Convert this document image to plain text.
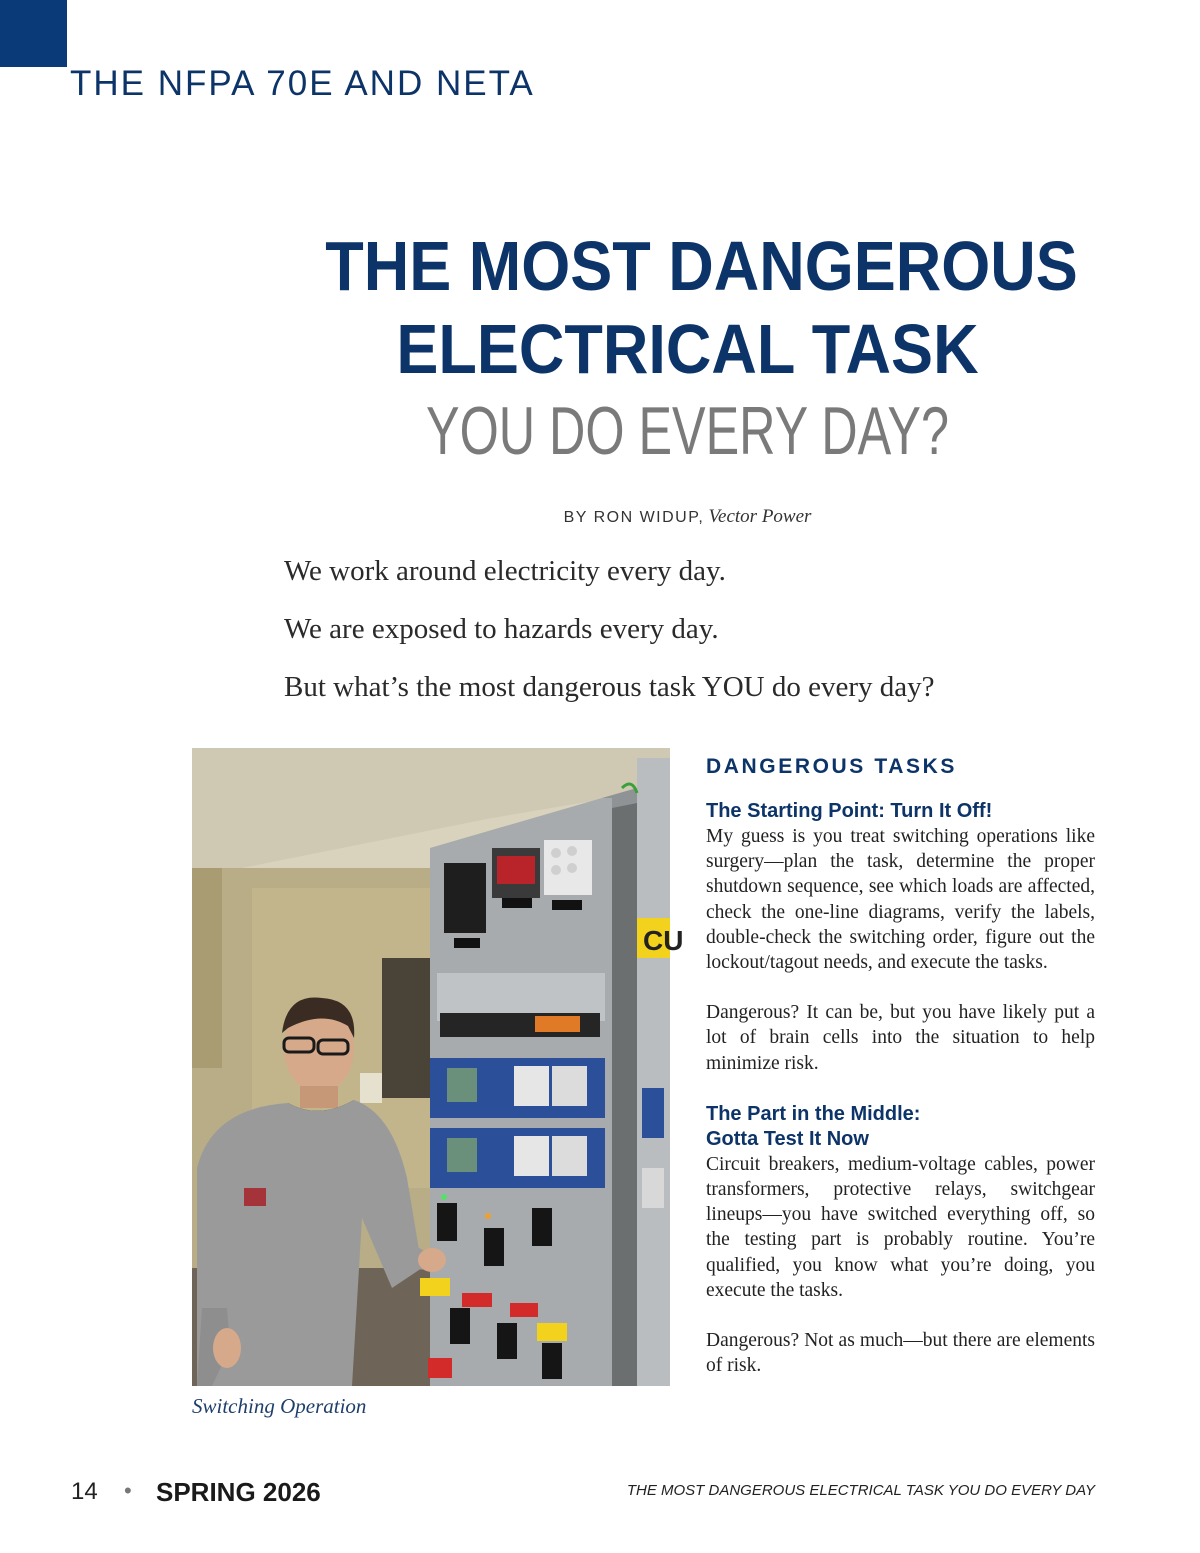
THE NFPA 70E AND NETA
THE MOST DANGEROUS
ELECTRICAL TASK
YOU DO EVERY DAY?
BY RON WIDUP, Vector Power

We work around electricity every day.

We are exposed to hazards every day.

But what’s the most dangerous task YOU do every day?

CU

Switching Operation

DANGEROUS TASKS
The Starting Point: Turn It Off!

My guess is you treat switching operations like surgery—plan the task, determine the proper shutdown sequence, see which loads are affected, check the one-line diagrams, verify the labels, double-check the switching order, figure out the lockout/tagout needs, and execute the tasks.

Dangerous? It can be, but you have likely put a lot of brain cells into the situation to help minimize risk.

The Part in the Middle:
Gotta Test It Now

Circuit breakers, medium-voltage cables, power transformers, protective relays, switchgear lineups—you have switched everything off, so the testing part is probably routine. You’re qualified, you know what you’re doing, you execute the tasks.

Dangerous? Not as much—but there are elements of risk.

14 • SPRING 2026	THE MOST DANGEROUS ELECTRICAL TASK YOU DO EVERY DAY
